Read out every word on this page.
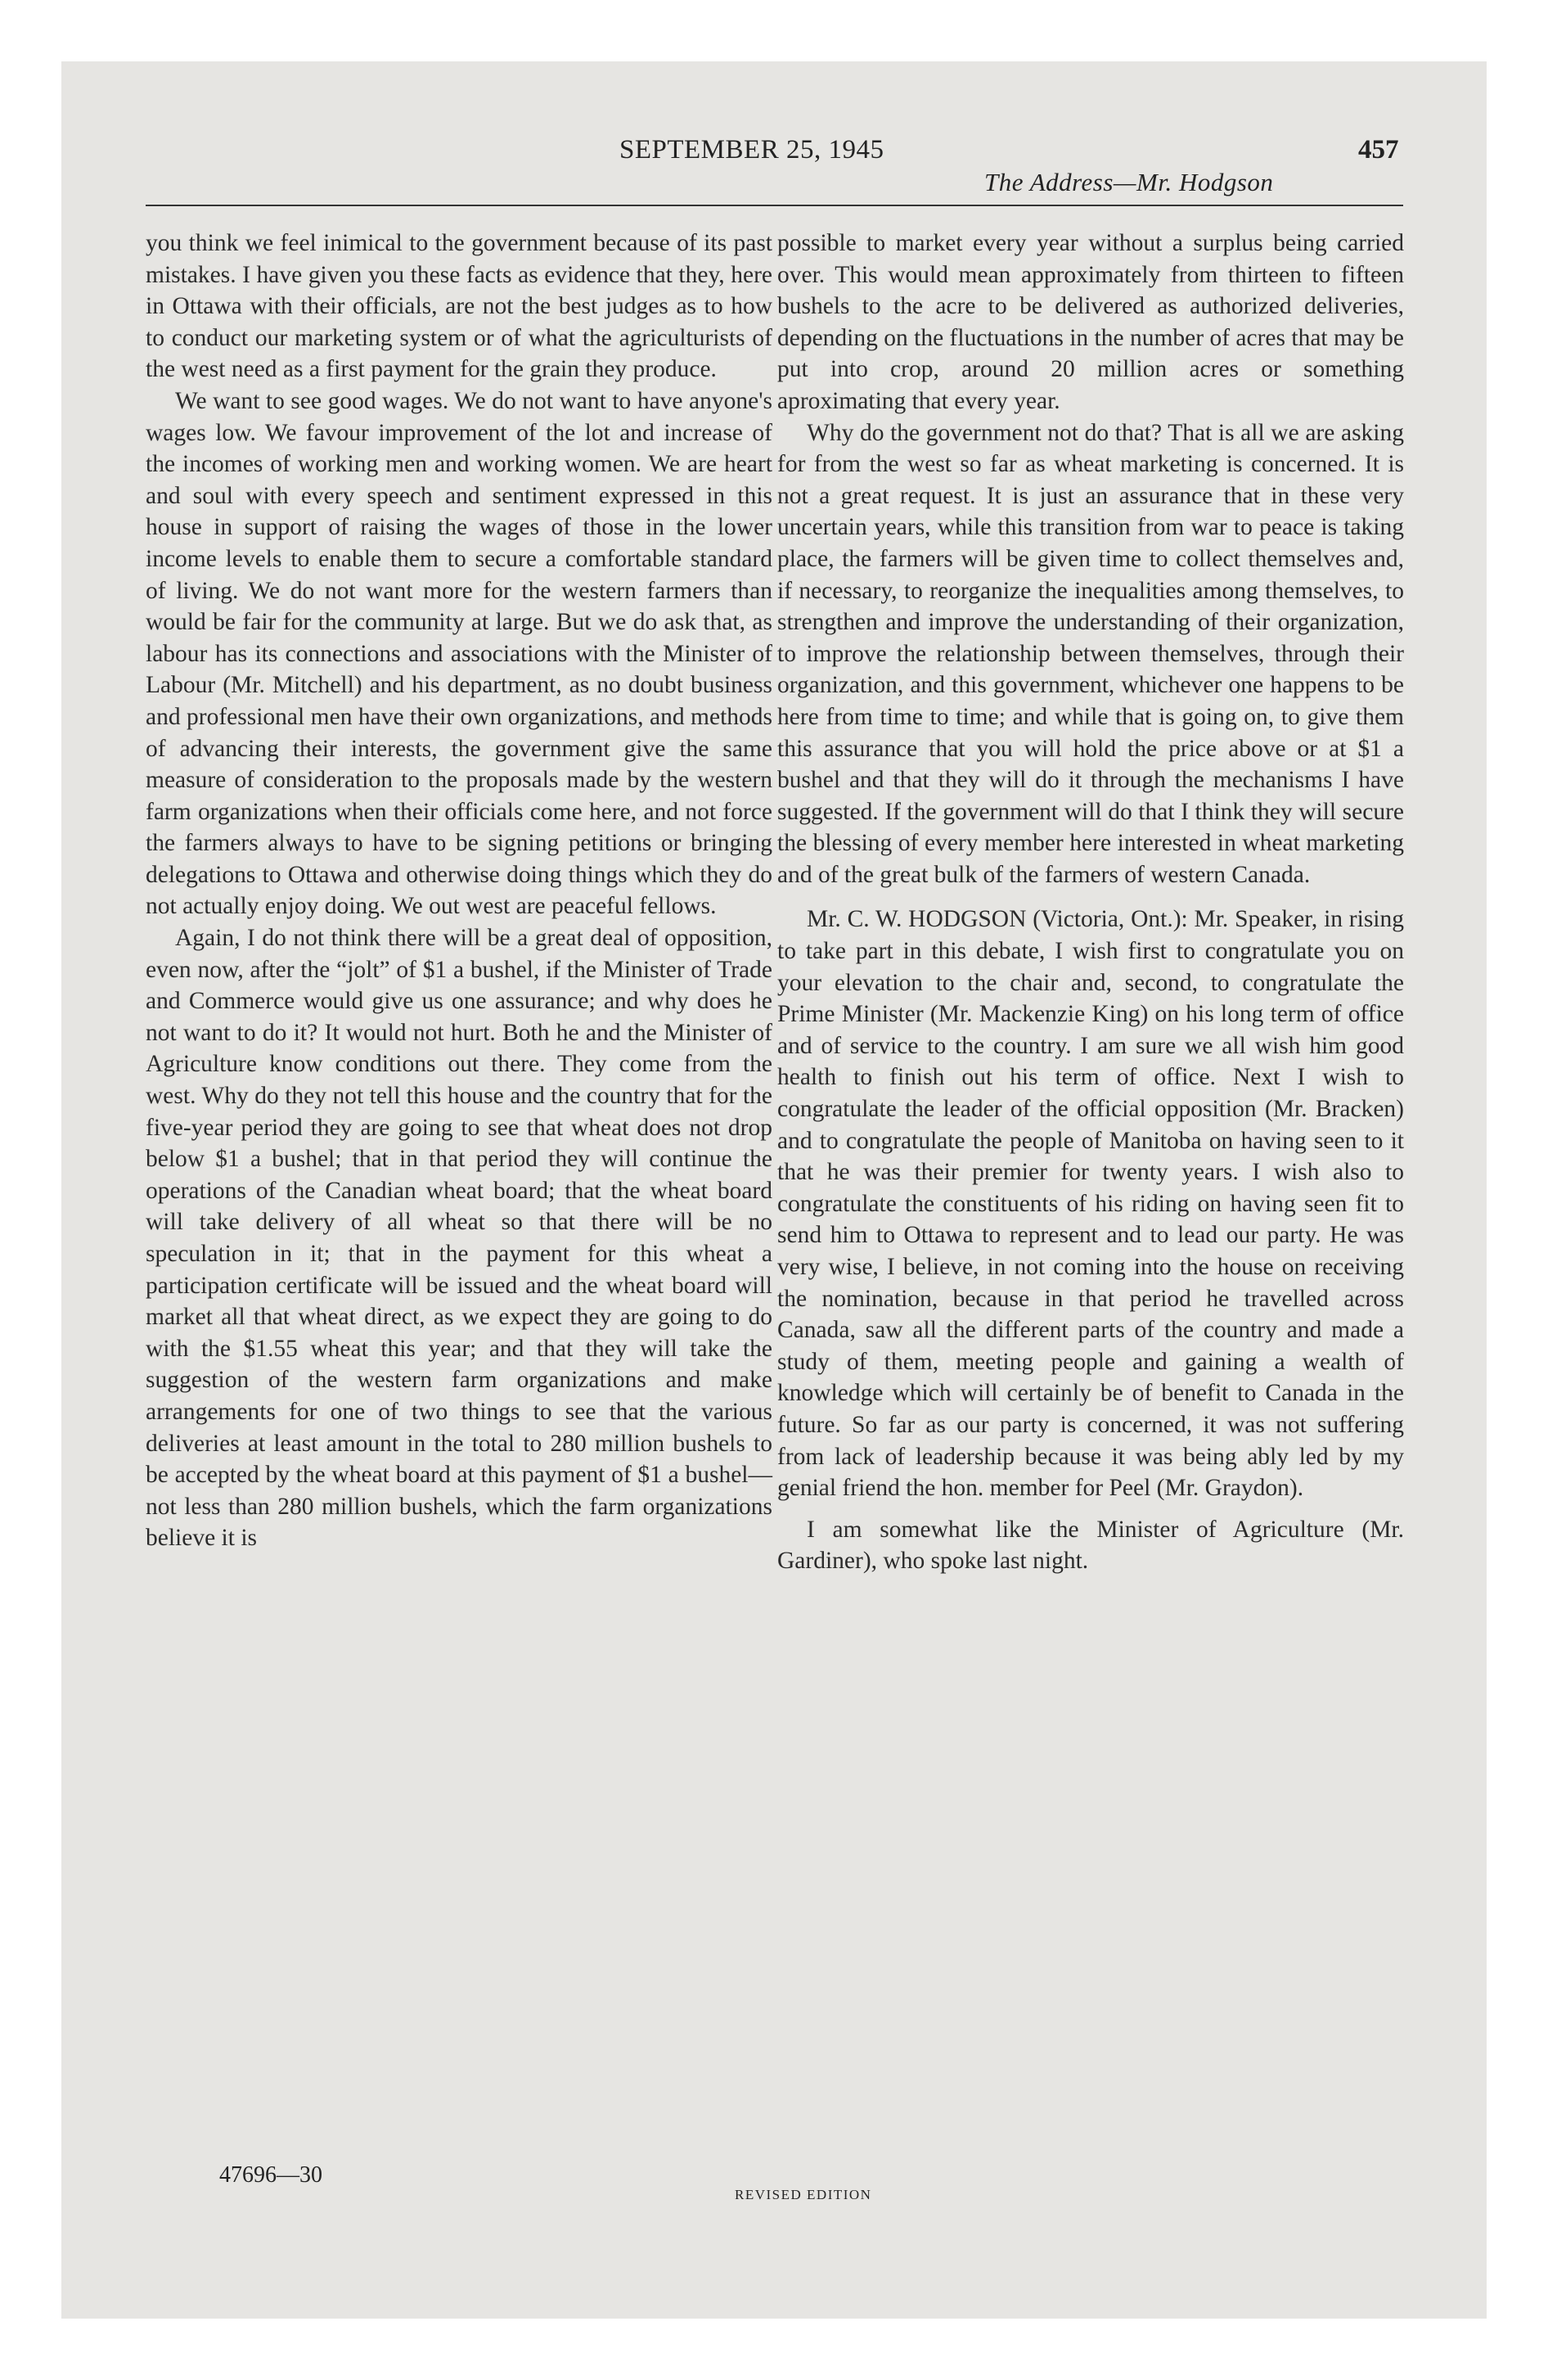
SEPTEMBER 25, 1945	457
The Address—Mr. Hodgson

you think we feel inimical to the government because of its past mistakes. I have given you these facts as evidence that they, here in Ottawa with their officials, are not the best judges as to how to conduct our marketing system or of what the agriculturists of the west need as a first payment for the grain they produce.

We want to see good wages. We do not want to have anyone's wages low. We favour improvement of the lot and increase of the incomes of working men and working women. We are heart and soul with every speech and sentiment expressed in this house in support of raising the wages of those in the lower income levels to enable them to secure a comfortable standard of living. We do not want more for the western farmers than would be fair for the community at large. But we do ask that, as labour has its connections and associations with the Minister of Labour (Mr. Mitchell) and his department, as no doubt business and professional men have their own organizations, and methods of advancing their interests, the government give the same measure of consideration to the proposals made by the western farm organizations when their officials come here, and not force the farmers always to have to be signing petitions or bringing delegations to Ottawa and otherwise doing things which they do not actually enjoy doing. We out west are peaceful fellows.

Again, I do not think there will be a great deal of opposition, even now, after the “jolt” of $1 a bushel, if the Minister of Trade and Commerce would give us one assurance; and why does he not want to do it? It would not hurt. Both he and the Minister of Agriculture know conditions out there. They come from the west. Why do they not tell this house and the country that for the five-year period they are going to see that wheat does not drop below $1 a bushel; that in that period they will continue the operations of the Canadian wheat board; that the wheat board will take delivery of all wheat so that there will be no speculation in it; that in the payment for this wheat a participation certificate will be issued and the wheat board will market all that wheat direct, as we expect they are going to do with the $1.55 wheat this year; and that they will take the suggestion of the western farm organizations and make arrangements for one of two things to see that the various deliveries at least amount in the total to 280 million bushels to be accepted by the wheat board at this payment of $1 a bushel—not less than 280 million bushels, which the farm organizations believe it is

possible to market every year without a surplus being carried over. This would mean approximately from thirteen to fifteen bushels to the acre to be delivered as authorized deliveries, depending on the fluctuations in the number of acres that may be put into crop, around 20 million acres or something aproximating that every year.

Why do the government not do that? That is all we are asking for from the west so far as wheat marketing is concerned. It is not a great request. It is just an assurance that in these very uncertain years, while this transition from war to peace is taking place, the farmers will be given time to collect themselves and, if necessary, to reorganize the inequalities among themselves, to strengthen and improve the understanding of their organization, to improve the relationship between themselves, through their organization, and this government, whichever one happens to be here from time to time; and while that is going on, to give them this assurance that you will hold the price above or at $1 a bushel and that they will do it through the mechanisms I have suggested. If the government will do that I think they will secure the blessing of every member here interested in wheat marketing and of the great bulk of the farmers of western Canada.

Mr. C. W. HODGSON (Victoria, Ont.): Mr. Speaker, in rising to take part in this debate, I wish first to congratulate you on your elevation to the chair and, second, to congratulate the Prime Minister (Mr. Mackenzie King) on his long term of office and of service to the country. I am sure we all wish him good health to finish out his term of office. Next I wish to congratulate the leader of the official opposition (Mr. Bracken) and to congratulate the people of Manitoba on having seen to it that he was their premier for twenty years. I wish also to congratulate the constituents of his riding on having seen fit to send him to Ottawa to represent and to lead our party. He was very wise, I believe, in not coming into the house on receiving the nomination, because in that period he travelled across Canada, saw all the different parts of the country and made a study of them, meeting people and gaining a wealth of knowledge which will certainly be of benefit to Canada in the future. So far as our party is concerned, it was not suffering from lack of leadership because it was being ably led by my genial friend the hon. member for Peel (Mr. Graydon).

I am somewhat like the Minister of Agriculture (Mr. Gardiner), who spoke last night.

47696—30
REVISED EDITION
